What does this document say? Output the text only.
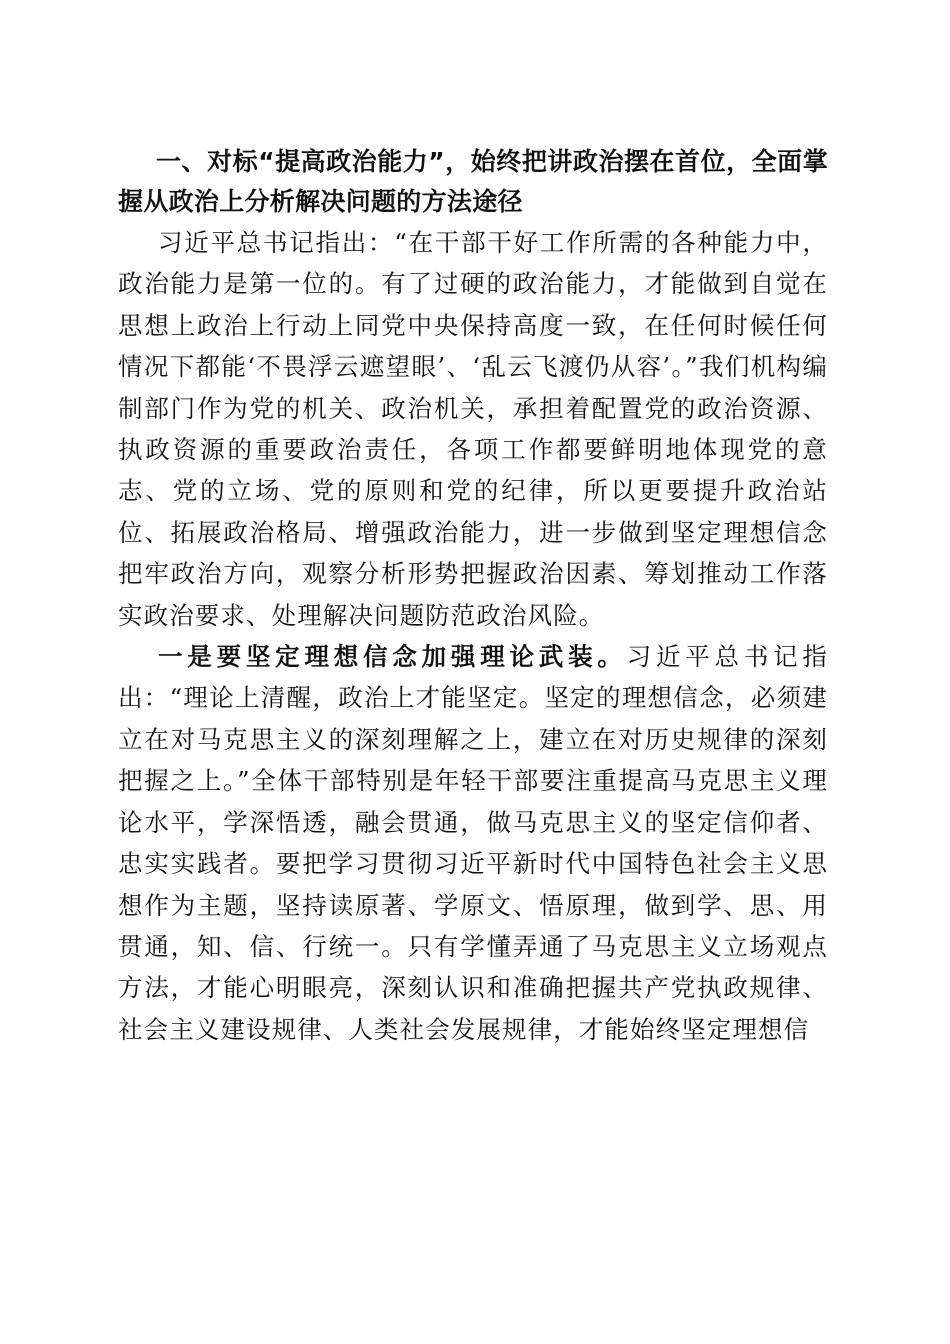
一、对标“提高政治能力”，始终把讲政治摆在首位，全面掌握从政治上分析解决问题的方法途径

习近平总书记指出：“在干部干好工作所需的各种能力中，政治能力是第一位的。有了过硬的政治能力，才能做到自觉在思想上政治上行动上同党中央保持高度一致，在任何时候任何情况下都能‘不畏浮云遮望眼’、‘乱云飞渡仍从容’。”我们机构编制部门作为党的机关、政治机关，承担着配置党的政治资源、执政资源的重要政治责任，各项工作都要鲜明地体现党的意志、党的立场、党的原则和党的纪律，所以更要提升政治站位、拓展政治格局、增强政治能力，进一步做到坚定理想信念把牢政治方向，观察分析形势把握政治因素、筹划推动工作落实政治要求、处理解决问题防范政治风险。

一是要坚定理想信念加强理论武装。习近平总书记指出：“理论上清醒，政治上才能坚定。坚定的理想信念，必须建立在对马克思主义的深刻理解之上，建立在对历史规律的深刻把握之上。”全体干部特别是年轻干部要注重提高马克思主义理论水平，学深悟透，融会贯通，做马克思主义的坚定信仰者、忠实实践者。要把学习贯彻习近平新时代中国特色社会主义思想作为主题，坚持读原著、学原文、悟原理，做到学、思、用贯通，知、信、行统一。只有学懂弄通了马克思主义立场观点方法，才能心明眼亮，深刻认识和准确把握共产党执政规律、社会主义建设规律、人类社会发展规律，才能始终坚定理想信
